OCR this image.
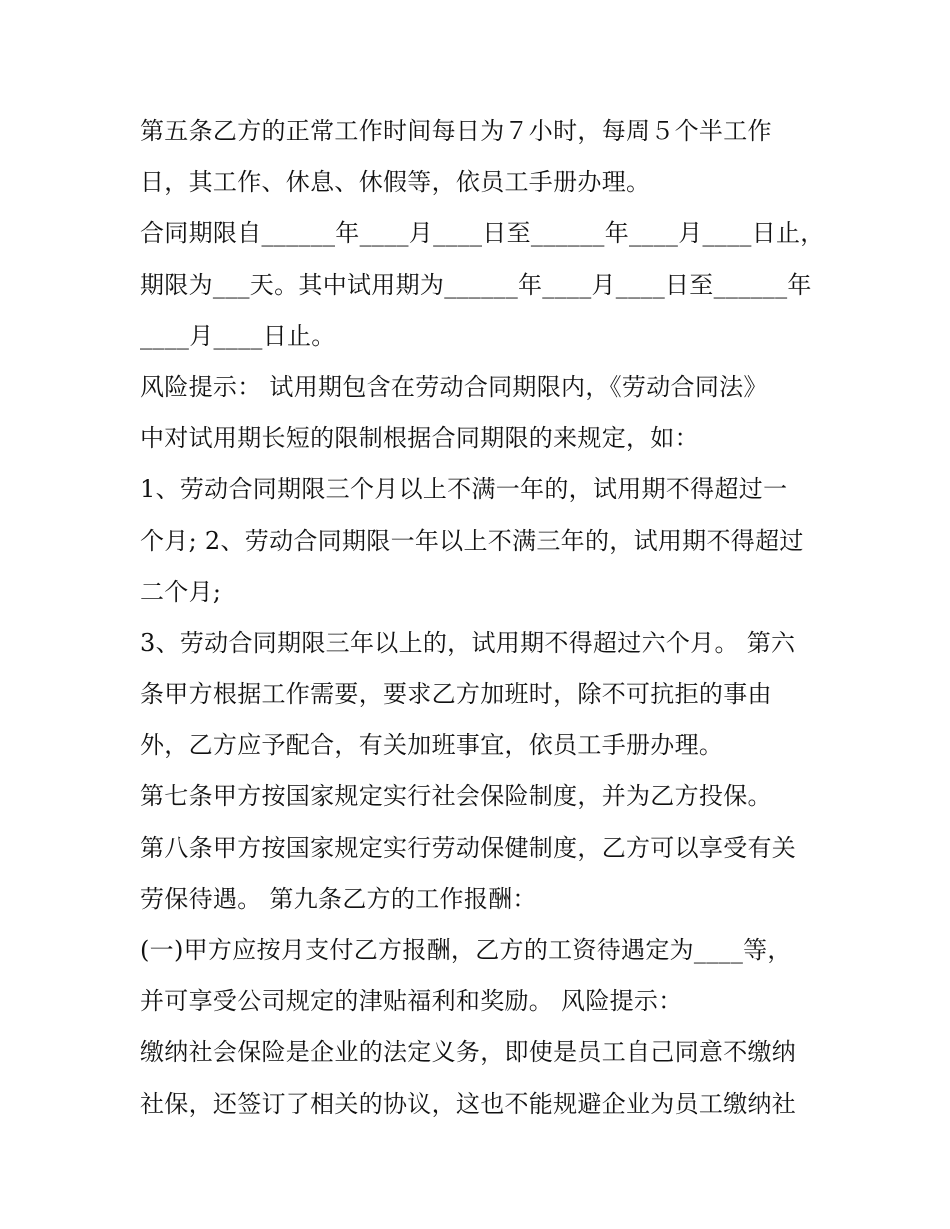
第五条乙方的正常工作时间每日为７小时，每周５个半工作
日，其工作、休息、休假等，依员工手册办理。
合同期限自______年____月____日至______年____月____日止，
期限为___天。其中试用期为______年____月____日至______年
____月____日止。
风险提示： 试用期包含在劳动合同期限内，《劳动合同法》
中对试用期长短的限制根据合同期限的来规定，如：
1、劳动合同期限三个月以上不满一年的，试用期不得超过一
个月; 2、劳动合同期限一年以上不满三年的，试用期不得超过
二个月;
3、劳动合同期限三年以上的，试用期不得超过六个月。 第六
条甲方根据工作需要，要求乙方加班时，除不可抗拒的事由
外，乙方应予配合，有关加班事宜，依员工手册办理。
第七条甲方按国家规定实行社会保险制度，并为乙方投保。
第八条甲方按国家规定实行劳动保健制度，乙方可以享受有关
劳保待遇。 第九条乙方的工作报酬：
(一)甲方应按月支付乙方报酬，乙方的工资待遇定为____等，
并可享受公司规定的津贴福利和奖励。 风险提示：
缴纳社会保险是企业的法定义务，即使是员工自己同意不缴纳
社保，还签订了相关的协议，这也不能规避企业为员工缴纳社
